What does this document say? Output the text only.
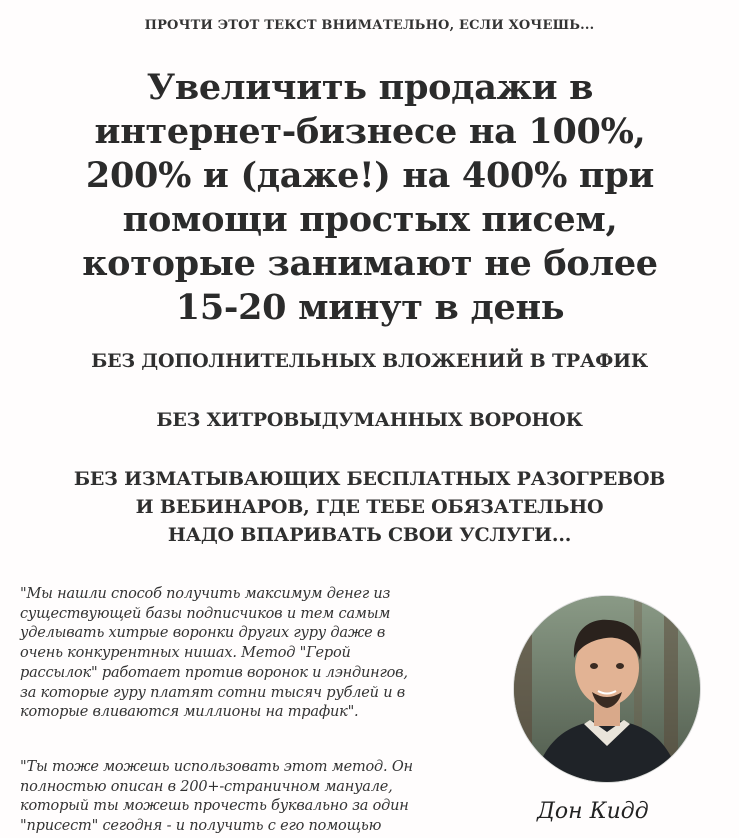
ПРОЧТИ ЭТОТ ТЕКСТ ВНИМАТЕЛЬНО, ЕСЛИ ХОЧЕШЬ...
Увеличить продажи в
интернет-бизнесе на 100%,
200% и (даже!) на 400% при
помощи простых писем,
которые занимают не более
15-20 минут в день
БЕЗ ДОПОЛНИТЕЛЬНЫХ ВЛОЖЕНИЙ В ТРАФИК
БЕЗ ХИТРОВЫДУМАННЫХ ВОРОНОК
БЕЗ ИЗМАТЫВАЮЩИХ БЕСПЛАТНЫХ РАЗОГРЕВОВ
И ВЕБИНАРОВ, ГДЕ ТЕБЕ ОБЯЗАТЕЛЬНО
НАДО ВПАРИВАТЬ СВОИ УСЛУГИ...
"Мы нашли способ получить максимум денег из
существующей базы подписчиков и тем самым
уделывать хитрые воронки других гуру даже в
очень конкурентных нишах. Метод "Герой
рассылок" работает против воронок и лэндингов,
за которые гуру платят сотни тысяч рублей и в
которые вливаются миллионы на трафик".
"Ты тоже можешь использовать этот метод. Он
полностью описан в 200+-страничном мануале,
который ты можешь прочесть буквально за один
"присест" сегодня - и получить с его помощью
Дон Кидд
